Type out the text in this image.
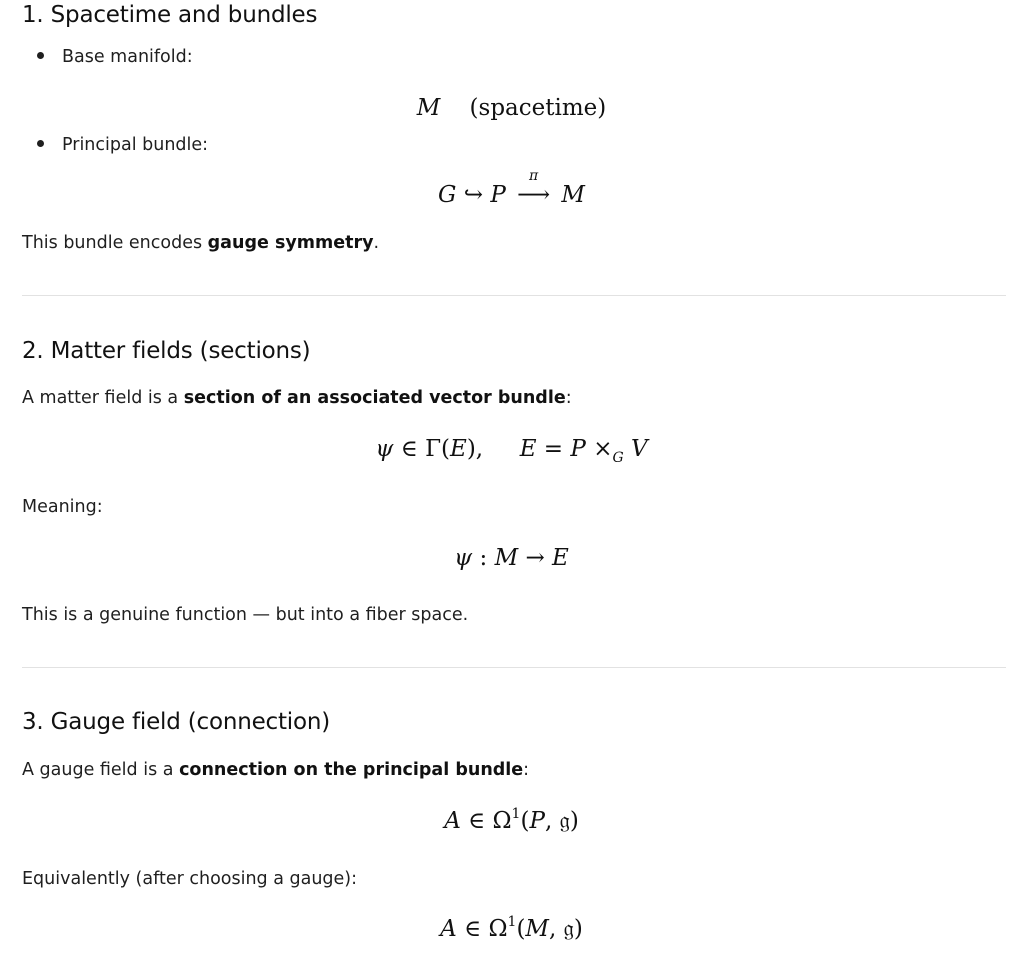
1. Spacetime and bundles

Base manifold:

M (spacetime)

Principal bundle:

G ↪ P
π
⟶ M

This bundle encodes gauge symmetry.

2. Matter fields (sections)

A matter field is a section of an associated vector bundle:

ψ ∈ Γ(E), $E = P \times_G$ V

Meaning:

ψ : M → E

This is a genuine function — but into a fiber space.

3. Gauge field (connection)

A gauge field is a connection on the principal bundle:

A ∈ $\Omega^1(P$, 𝔤)

Equivalently (after choosing a gauge):

A ∈ $\Omega^1(M$, 𝔤)
